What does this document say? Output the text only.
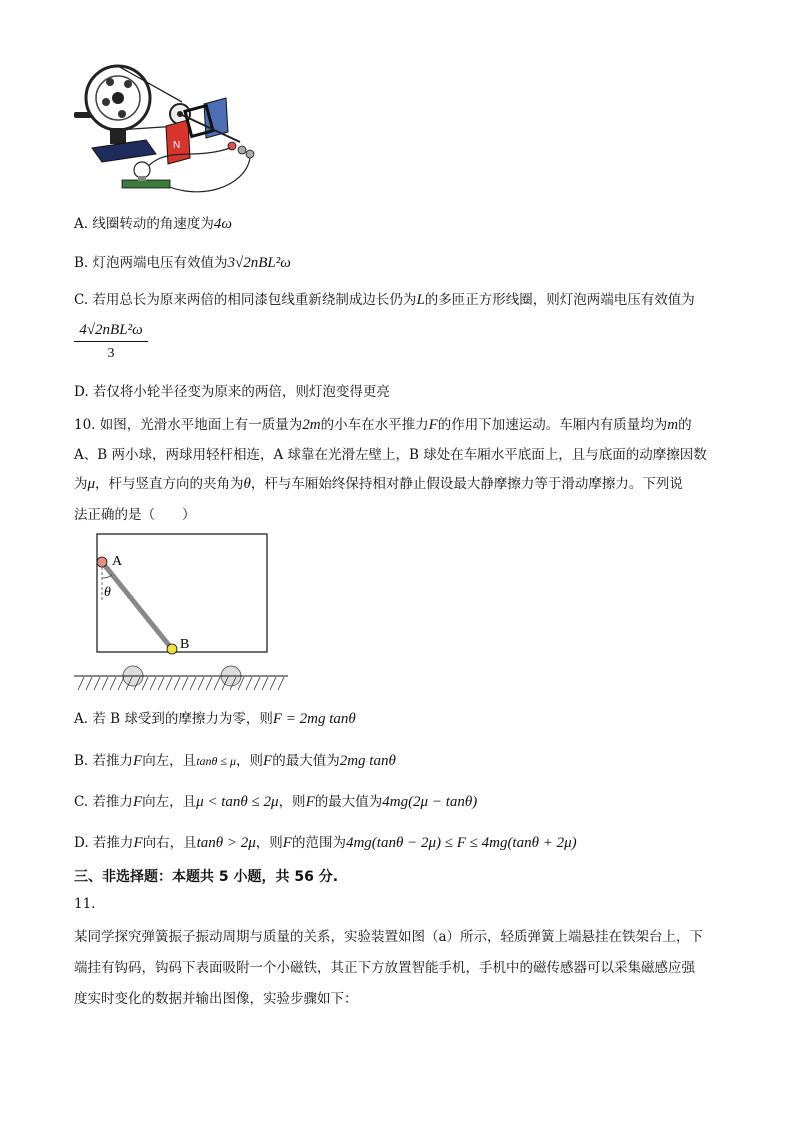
N
A. 线圈转动的角速度为4ω
B. 灯泡两端电压有效值为3√2nBL²ω
C. 若用总长为原来两倍的相同漆包线重新绕制成边长仍为L的多匝正方形线圈，则灯泡两端电压有效值为
4√2nBL²ω
3
D. 若仅将小轮半径变为原来的两倍，则灯泡变得更亮
10. 如图，光滑水平地面上有一质量为2m的小车在水平推力F的作用下加速运动。车厢内有质量均为m的
A、B 两小球，两球用轻杆相连，A 球靠在光滑左壁上，B 球处在车厢水平底面上，且与底面的动摩擦因数
为μ，杆与竖直方向的夹角为θ，杆与车厢始终保持相对静止假设最大静摩擦力等于滑动摩擦力。下列说
法正确的是（　　）
A
B
θ
A. 若 B 球受到的摩擦力为零，则F = 2mg tanθ
B. 若推力F向左，且tanθ ≤ μ，则F的最大值为2mg tanθ
C. 若推力F向左，且μ < tanθ ≤ 2μ，则F的最大值为4mg(2μ − tanθ)
D. 若推力F向右，且tanθ > 2μ，则F的范围为4mg(tanθ − 2μ) ≤ F ≤ 4mg(tanθ + 2μ)
三、非选择题：本题共 5 小题，共 56 分.
11.
某同学探究弹簧振子振动周期与质量的关系，实验装置如图（a）所示，轻质弹簧上端悬挂在铁架台上，下
端挂有钩码，钩码下表面吸附一个小磁铁，其正下方放置智能手机，手机中的磁传感器可以采集磁感应强
度实时变化的数据并输出图像，实验步骤如下：
